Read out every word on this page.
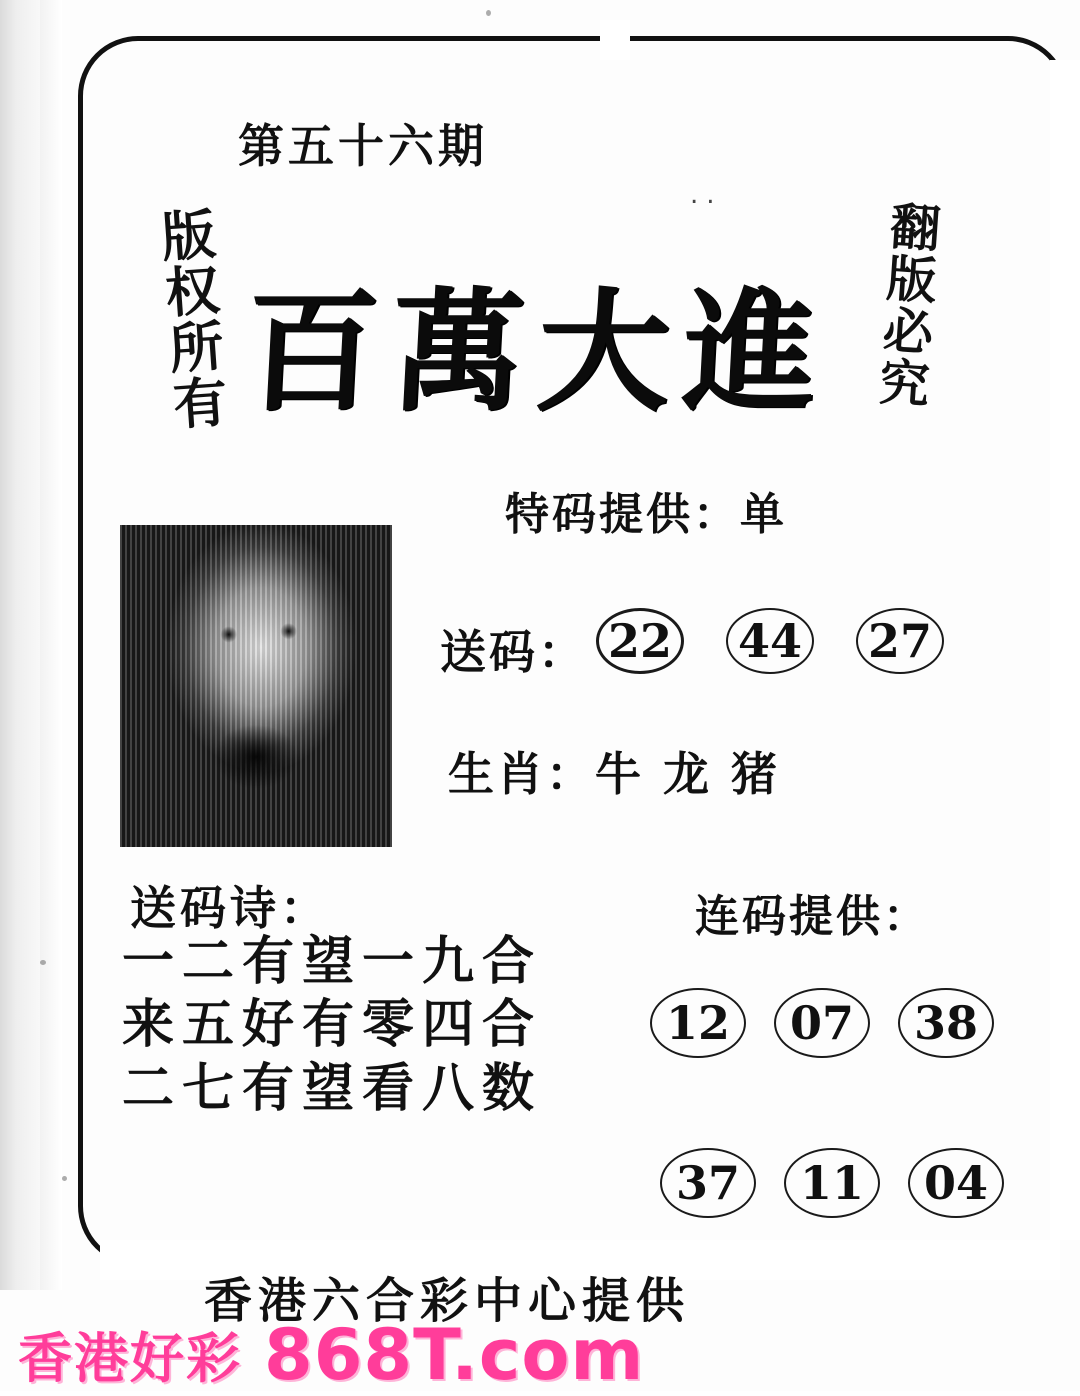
第五十六期
..
版权所有	翻版必究
百萬大進
特码提供：单
送码： 22 44 27
生肖：牛 龙 猪
送码诗：
一二有望一九合
来五好有零四合
二七有望看八数
连码提供：
12	07	38
37	11	04
香港六合彩中心提供
香港好彩 868T.com
